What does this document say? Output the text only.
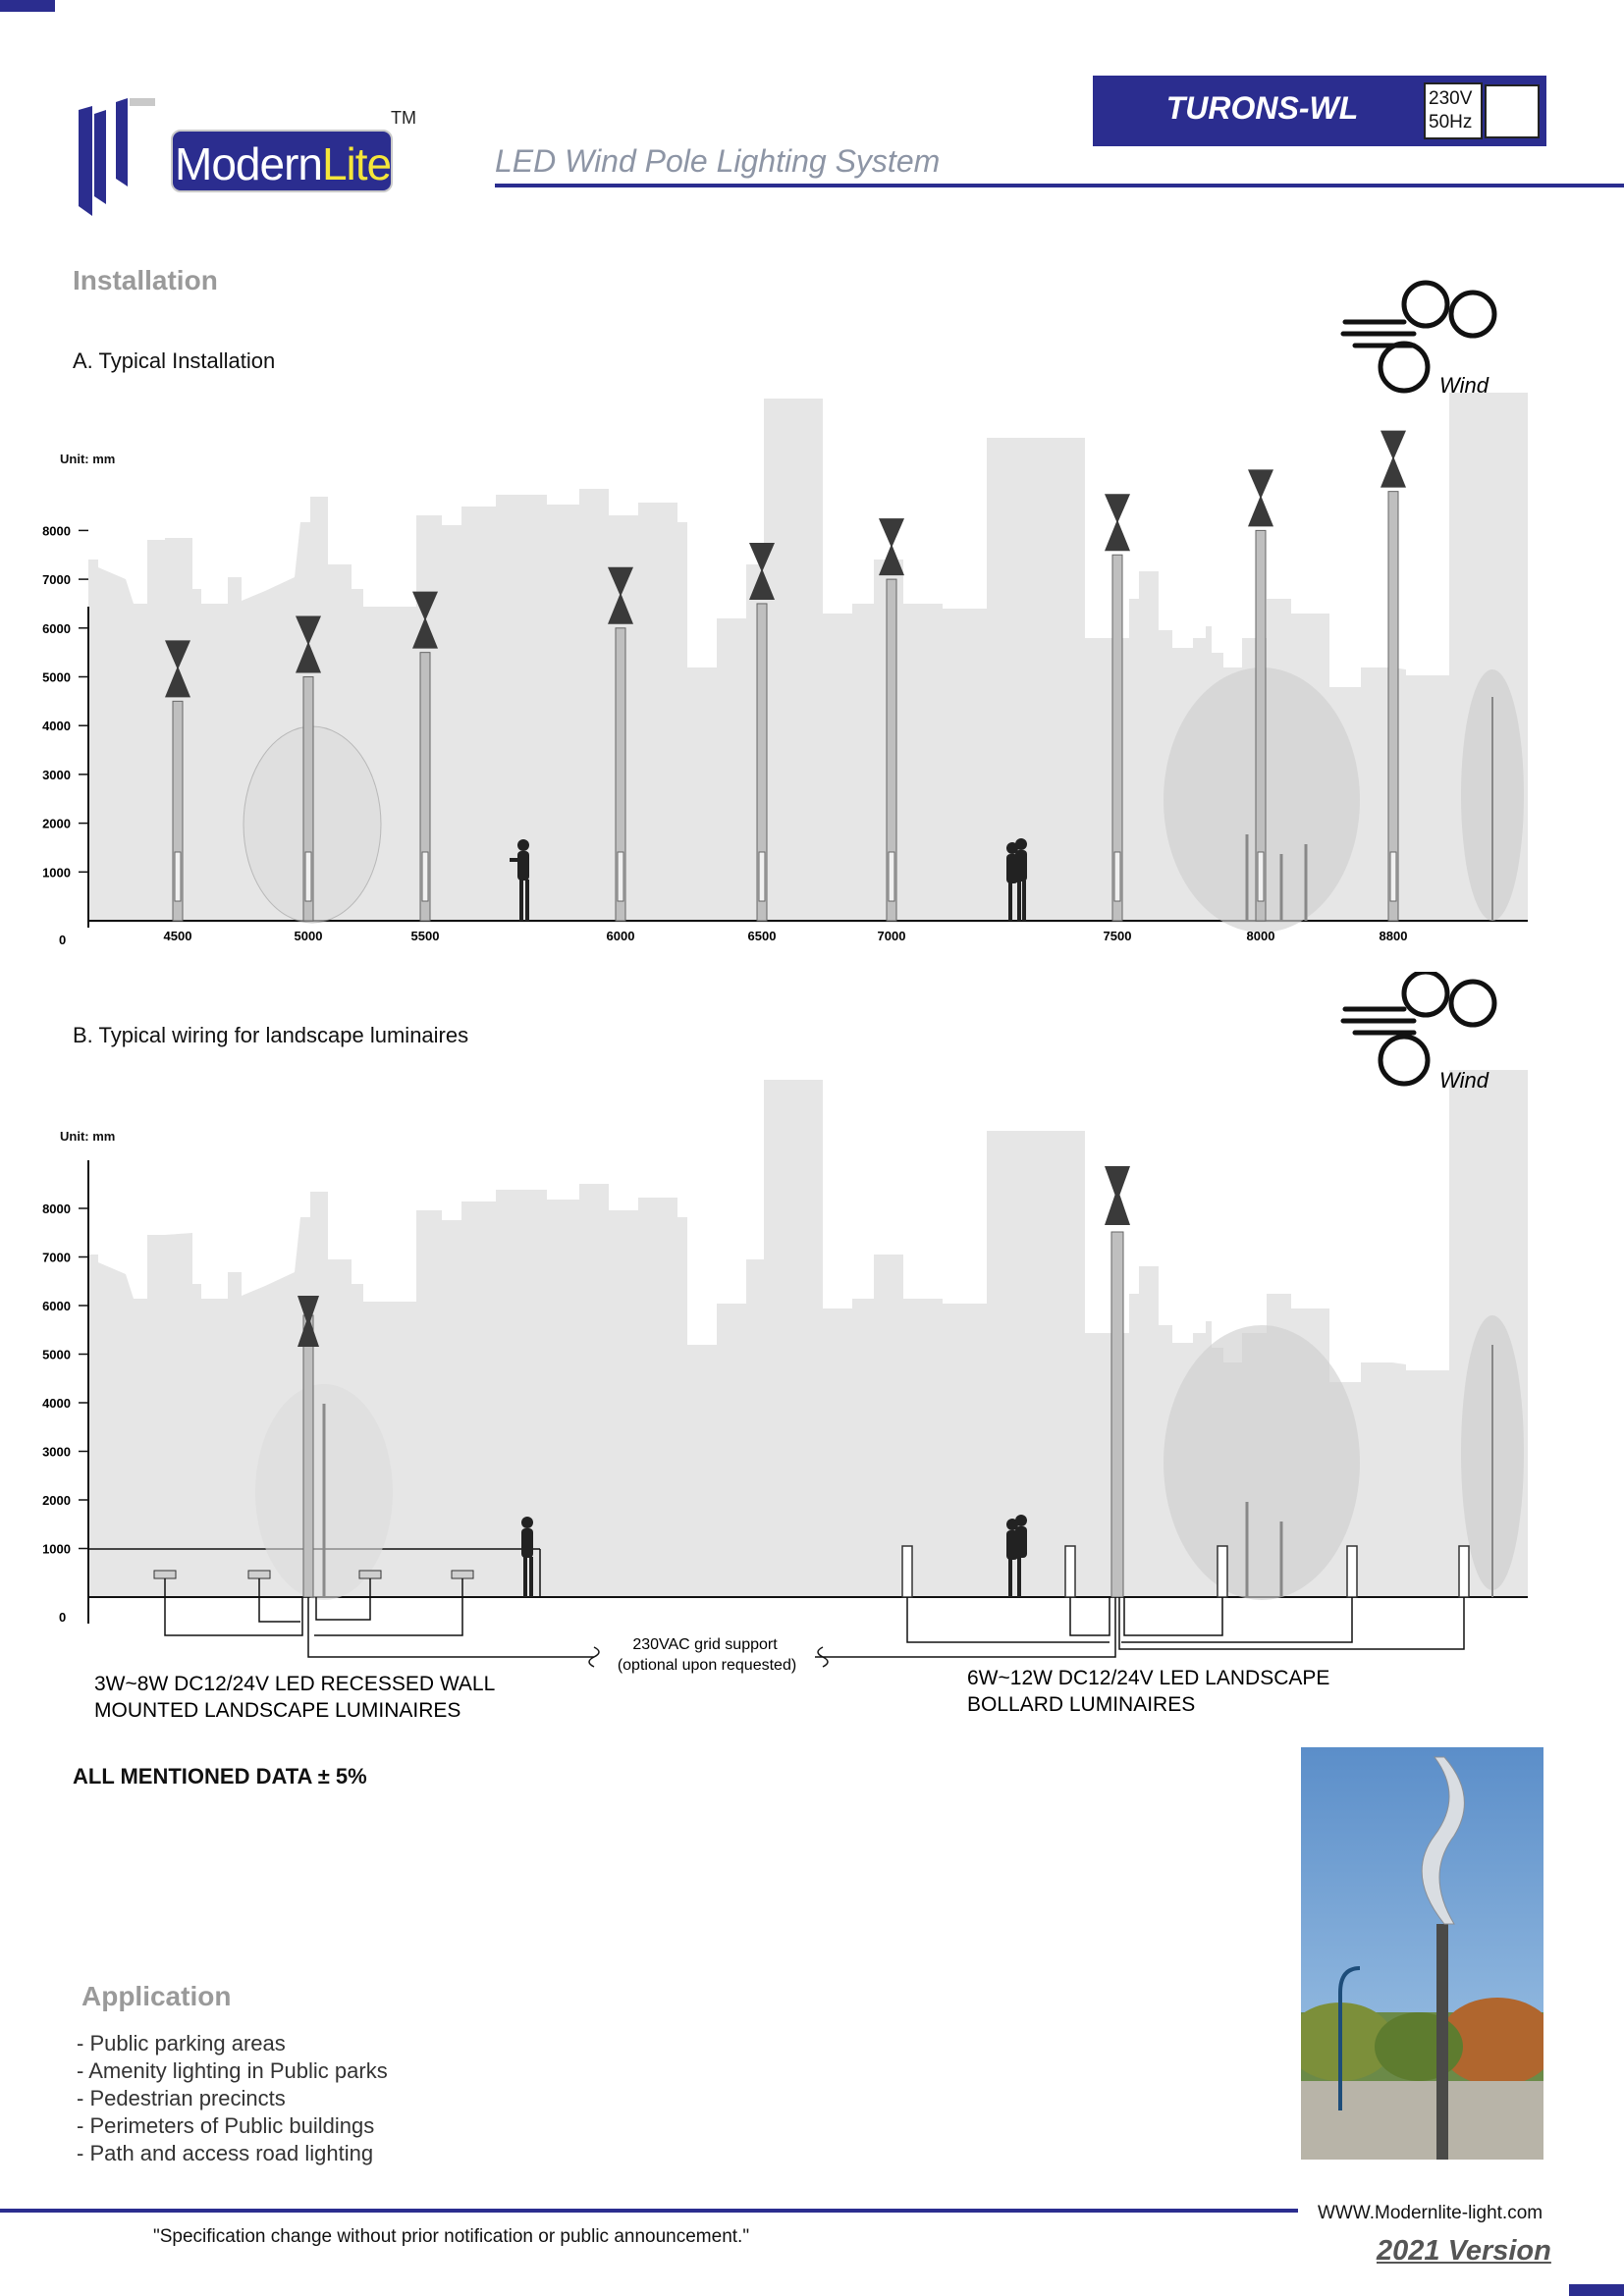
ModernLite
TM	TURONS-WL	230V
50Hz
LED Wind Pole Lighting System
Installation
A. Typical Installation
8000
7000
6000
5000
4000
3000
2000
1000
0	4500	5000	5500	6000	6500	7000	7500	8000	8800
Wind
Unit: mm
B. Typical wiring for landscape luminaires
8000
7000
6000
5000
4000
3000
2000
1000
0
230VAC grid support
(optional upon requested)
3W~8W DC12/24V LED RECESSED WALL
MOUNTED LANDSCAPE LUMINAIRES
6W~12W DC12/24V LED LANDSCAPE
BOLLARD LUMINAIRES
Wind
Unit: mm
ALL MENTIONED DATA ± 5%
Application
- Public parking areas
- Amenity lighting in Public parks
- Pedestrian precincts
- Perimeters of Public buildings
- Path and access road lighting
"Specification change without prior notification or public announcement."
WWW.Modernlite-light.com
2021 Version
